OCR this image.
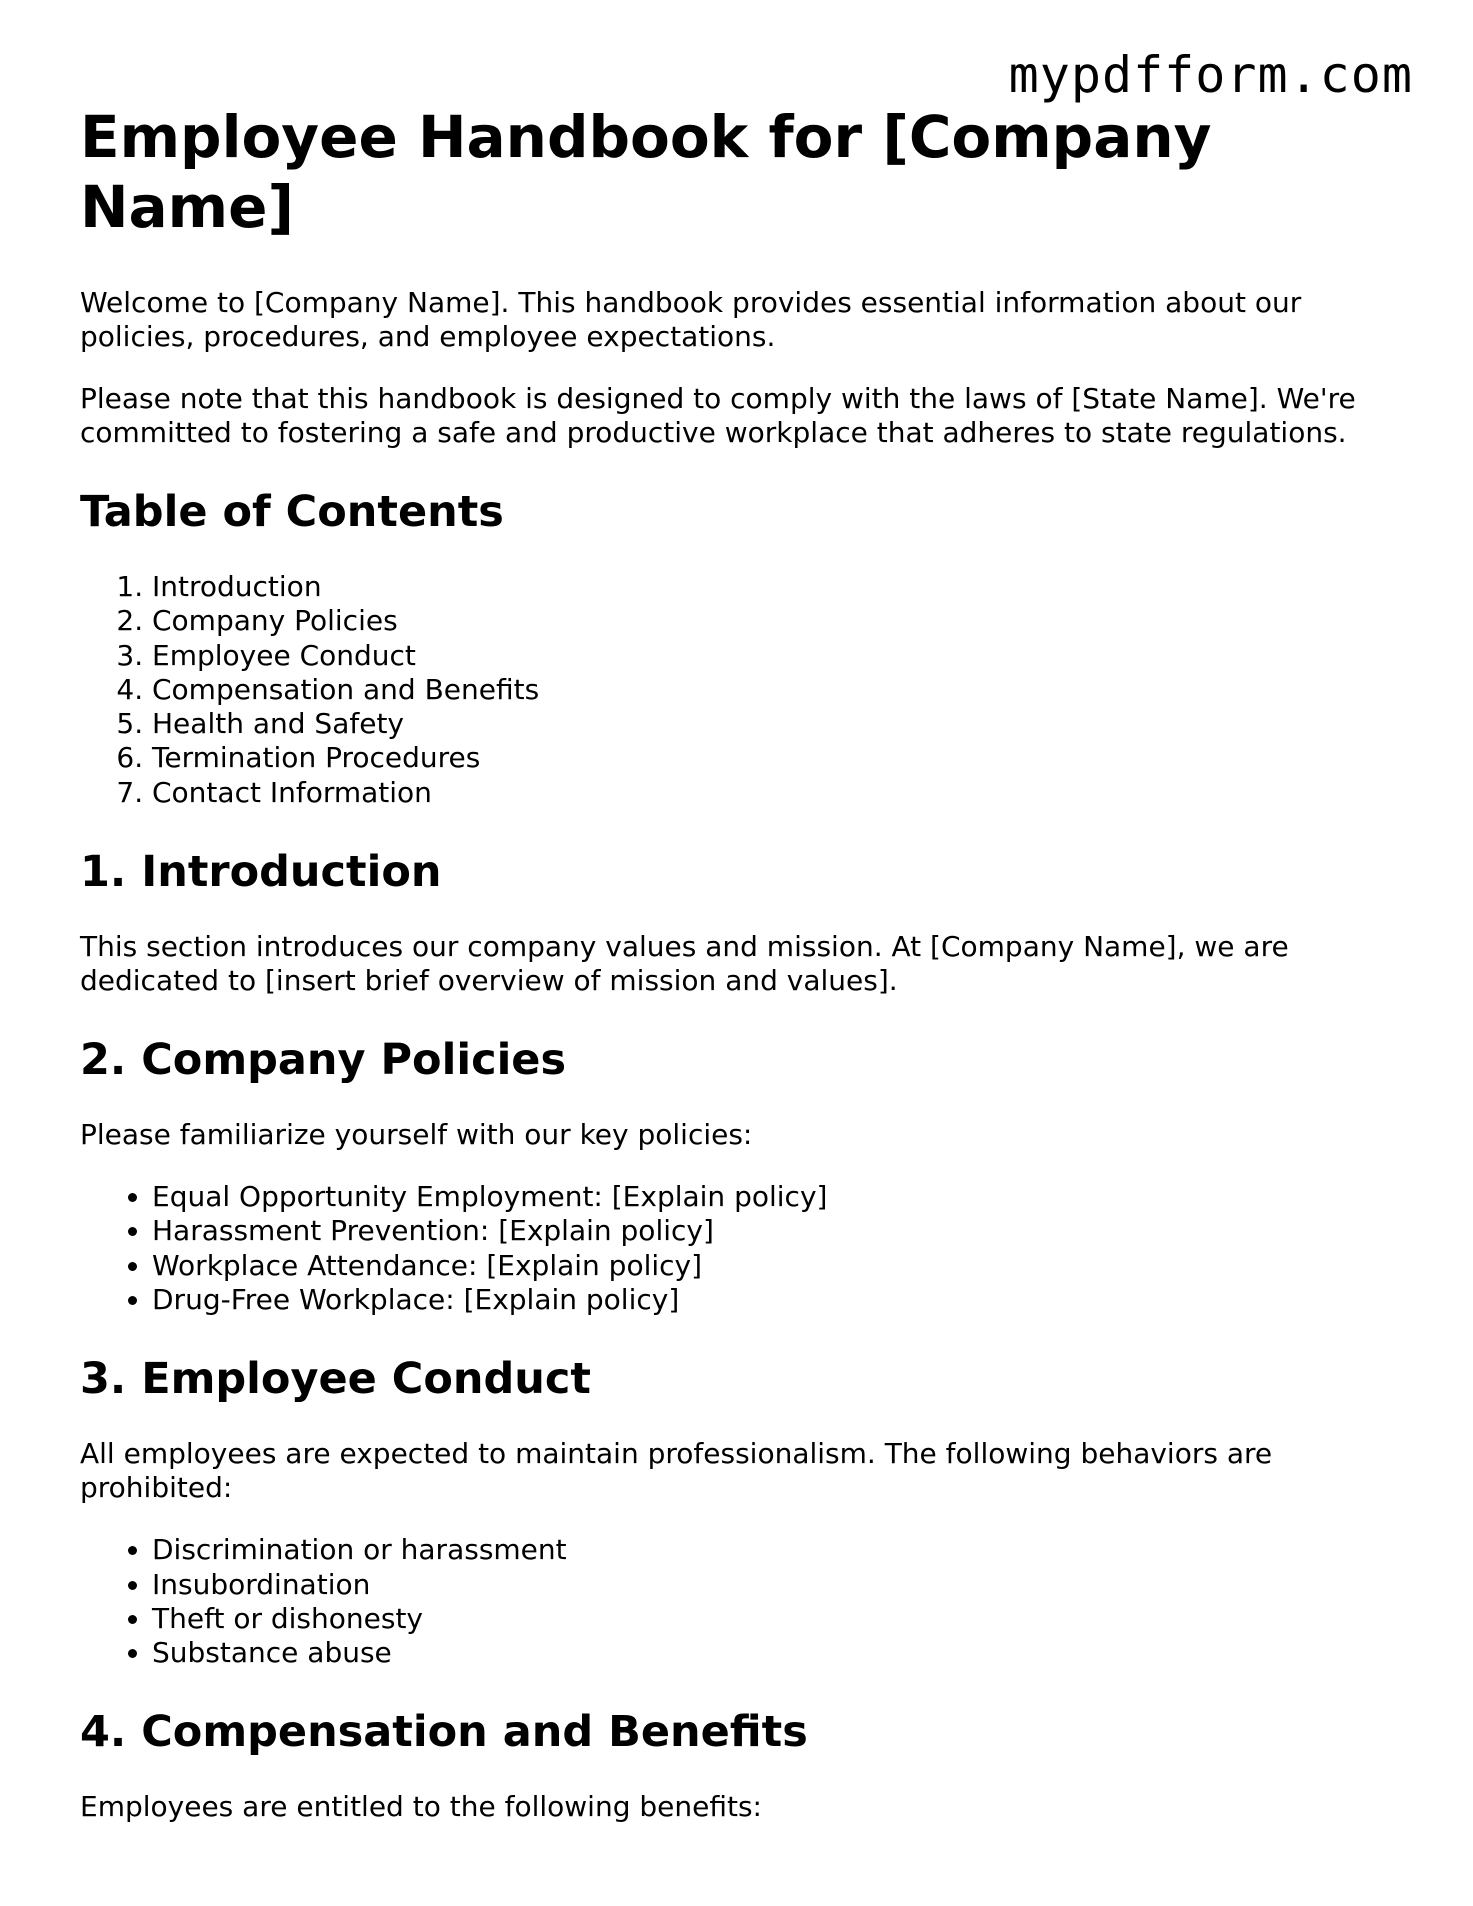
mypdfform.com
Employee Handbook for [Company Name]

Welcome to [Company Name]. This handbook provides essential information about our policies, procedures, and employee expectations.

Please note that this handbook is designed to comply with the laws of [State Name]. We're committed to fostering a safe and productive workplace that adheres to state regulations.

Table of Contents
1. Introduction
2. Company Policies
3. Employee Conduct
4. Compensation and Benefits
5. Health and Safety
6. Termination Procedures
7. Contact Information
1. Introduction

This section introduces our company values and mission. At [Company Name], we are dedicated to [insert brief overview of mission and values].

2. Company Policies

Please familiarize yourself with our key policies:

• Equal Opportunity Employment: [Explain policy]
• Harassment Prevention: [Explain policy]
• Workplace Attendance: [Explain policy]
• Drug-Free Workplace: [Explain policy]
3. Employee Conduct

All employees are expected to maintain professionalism. The following behaviors are prohibited:

• Discrimination or harassment
• Insubordination
• Theft or dishonesty
• Substance abuse
4. Compensation and Benefits

Employees are entitled to the following benefits:
